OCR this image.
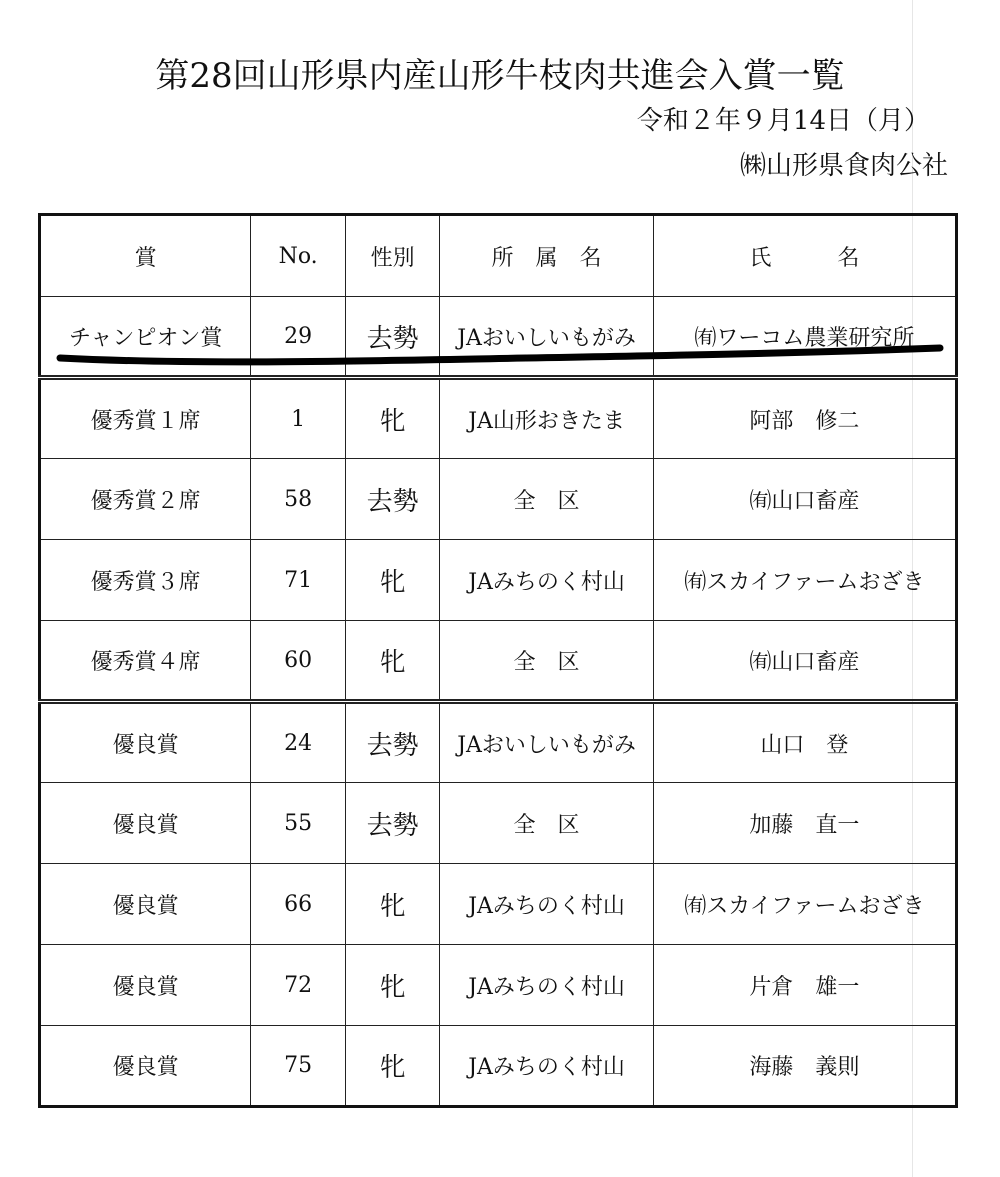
第28回山形県内産山形牛枝肉共進会入賞一覧
令和２年９月14日（月）
㈱山形県食肉公社
賞	No.	性別	所　属　名	氏　　　名
チャンピオン賞	29	去勢	JAおいしいもがみ	㈲ワーコム農業研究所
優秀賞１席	1	牝	JA山形おきたま	阿部　修二
優秀賞２席	58	去勢	全　区	㈲山口畜産
優秀賞３席	71	牝	JAみちのく村山	㈲スカイファームおざき
優秀賞４席	60	牝	全　区	㈲山口畜産
優良賞	24	去勢	JAおいしいもがみ	山口　登
優良賞	55	去勢	全　区	加藤　直一
優良賞	66	牝	JAみちのく村山	㈲スカイファームおざき
優良賞	72	牝	JAみちのく村山	片倉　雄一
優良賞	75	牝	JAみちのく村山	海藤　義則
